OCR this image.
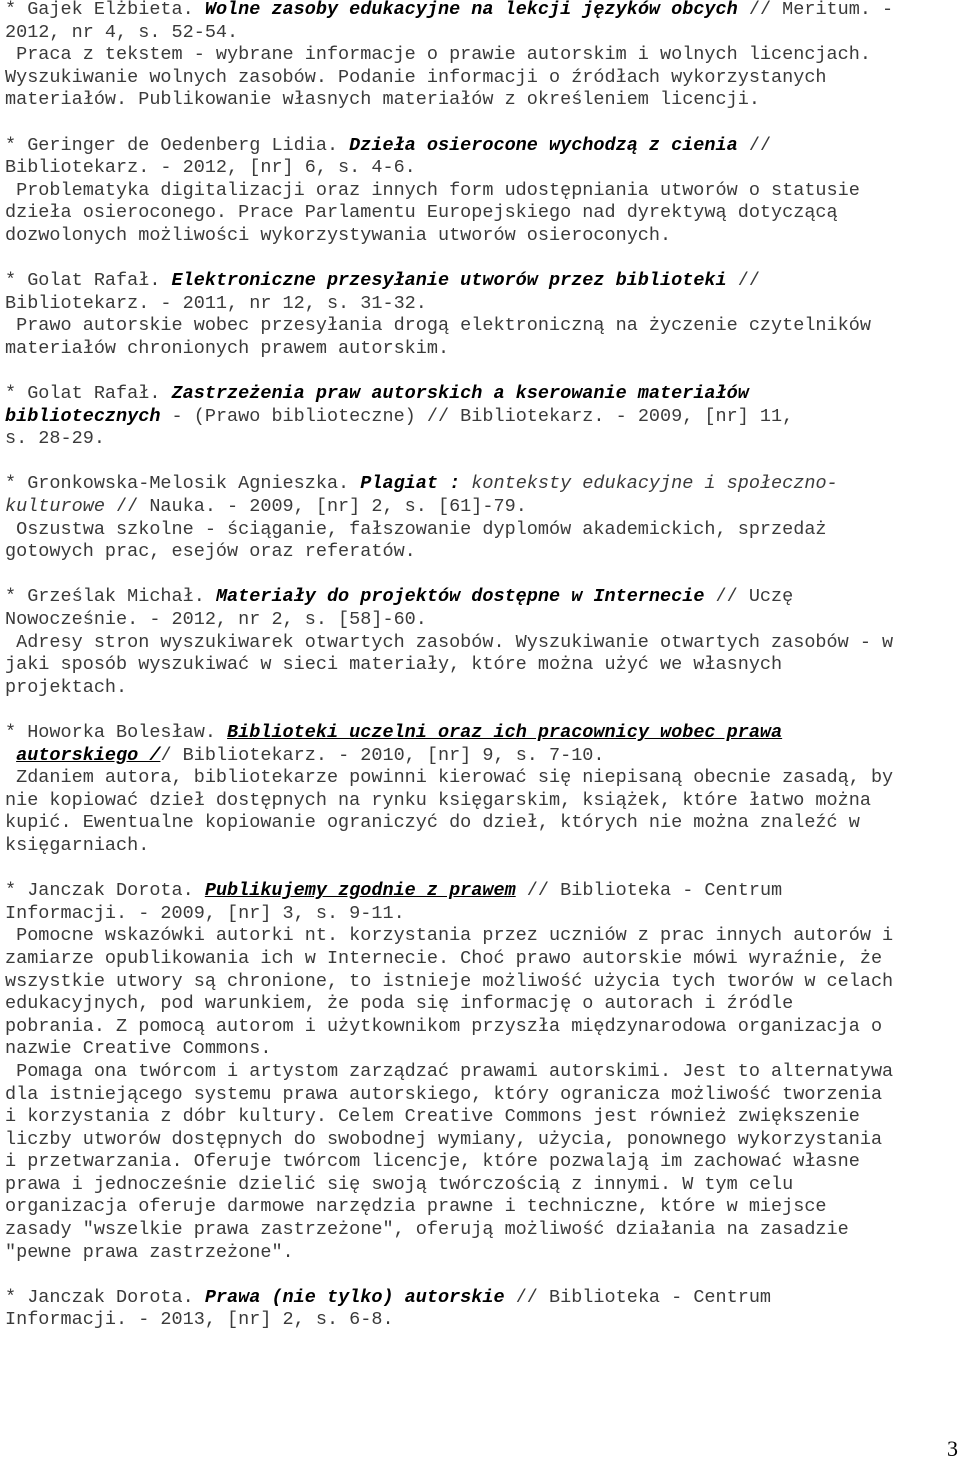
* Gajek Elżbieta. Wolne zasoby edukacyjne na lekcji języków obcych // Meritum. -
2012, nr 4, s. 52-54.
Praca z tekstem - wybrane informacje o prawie autorskim i wolnych licencjach.
Wyszukiwanie wolnych zasobów. Podanie informacji o źródłach wykorzystanych
materiałów. Publikowanie własnych materiałów z określeniem licencji.
* Geringer de Oedenberg Lidia. Dzieła osierocone wychodzą z cienia //
Bibliotekarz. - 2012, [nr] 6, s. 4-6.
Problematyka digitalizacji oraz innych form udostępniania utworów o statusie
dzieła osieroconego. Prace Parlamentu Europejskiego nad dyrektywą dotyczącą
dozwolonych możliwości wykorzystywania utworów osieroconych.
* Golat Rafał. Elektroniczne przesyłanie utworów przez biblioteki //
Bibliotekarz. - 2011, nr 12, s. 31-32.
Prawo autorskie wobec przesyłania drogą elektroniczną na życzenie czytelników
materiałów chronionych prawem autorskim.
* Golat Rafał. Zastrzeżenia praw autorskich a kserowanie materiałów
bibliotecznych - (Prawo biblioteczne) // Bibliotekarz. - 2009, [nr] 11,
s. 28-29.
* Gronkowska-Melosik Agnieszka. Plagiat : konteksty edukacyjne i społeczno-
kulturowe // Nauka. - 2009, [nr] 2, s. [61]-79.
Oszustwa szkolne - ściąganie, fałszowanie dyplomów akademickich, sprzedaż
gotowych prac, esejów oraz referatów.
* Grześlak Michał. Materiały do projektów dostępne w Internecie // Uczę
Nowocześnie. - 2012, nr 2, s. [58]-60.
Adresy stron wyszukiwarek otwartych zasobów. Wyszukiwanie otwartych zasobów - w
jaki sposób wyszukiwać w sieci materiały, które można użyć we własnych
projektach.
* Howorka Bolesław. Biblioteki uczelni oraz ich pracownicy wobec prawa
autorskiego // Bibliotekarz. - 2010, [nr] 9, s. 7-10.
Zdaniem autora, bibliotekarze powinni kierować się niepisaną obecnie zasadą, by
nie kopiować dzieł dostępnych na rynku księgarskim, książek, które łatwo można
kupić. Ewentualne kopiowanie ograniczyć do dzieł, których nie można znaleźć w
księgarniach.
* Janczak Dorota. Publikujemy zgodnie z prawem // Biblioteka - Centrum
Informacji. - 2009, [nr] 3, s. 9-11.
Pomocne wskazówki autorki nt. korzystania przez uczniów z prac innych autorów i
zamiarze opublikowania ich w Internecie. Choć prawo autorskie mówi wyraźnie, że
wszystkie utwory są chronione, to istnieje możliwość użycia tych tworów w celach
edukacyjnych, pod warunkiem, że poda się informację o autorach i źródle
pobrania. Z pomocą autorom i użytkownikom przyszła międzynarodowa organizacja o
nazwie Creative Commons.
Pomaga ona twórcom i artystom zarządzać prawami autorskimi. Jest to alternatywa
dla istniejącego systemu prawa autorskiego, który ogranicza możliwość tworzenia
i korzystania z dóbr kultury. Celem Creative Commons jest również zwiększenie
liczby utworów dostępnych do swobodnej wymiany, użycia, ponownego wykorzystania
i przetwarzania. Oferuje twórcom licencje, które pozwalają im zachować własne
prawa i jednocześnie dzielić się swoją twórczością z innymi. W tym celu
organizacja oferuje darmowe narzędzia prawne i techniczne, które w miejsce
zasady "wszelkie prawa zastrzeżone", oferują możliwość działania na zasadzie
"pewne prawa zastrzeżone".
* Janczak Dorota. Prawa (nie tylko) autorskie // Biblioteka - Centrum
Informacji. - 2013, [nr] 2, s. 6-8.
3
